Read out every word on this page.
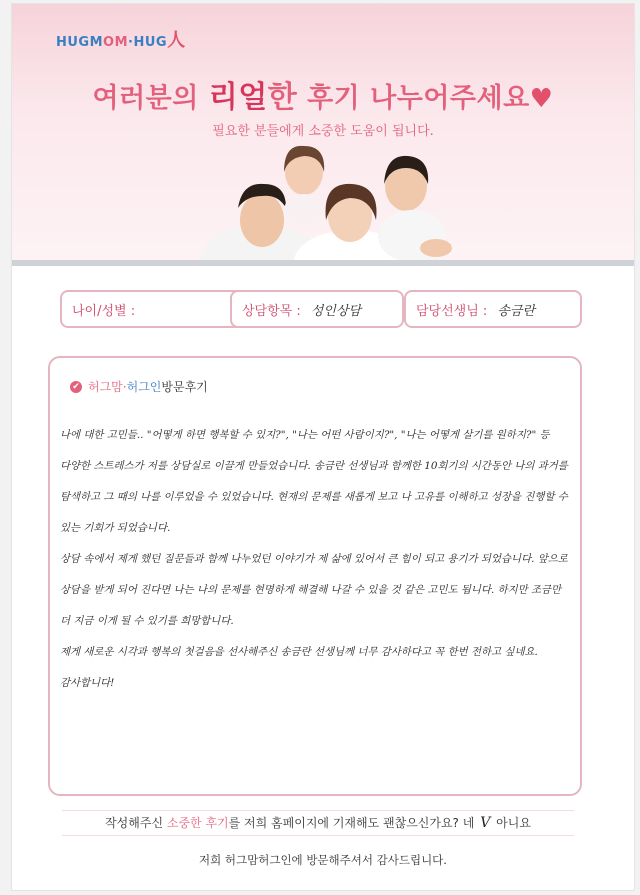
HUGMOM·HUG人
여러분의 리얼한 후기 나누어주세요♥
필요한 분들에게 소중한 도움이 됩니다.
나이/성별 :	상담항목 : 성인상담	담당선생님 : 송금란
✔ 허그맘 · 허그인 방문후기

나에 대한 고민들.. "어떻게 하면 행복할 수 있지?", "나는 어떤 사람이지?", "나는 어떻게 살기를 원하지?" 등 다양한 스트레스가 저를 상담실로 이끌게 만들었습니다. 송금란 선생님과 함께한 10회기의 시간동안 나의 과거를 탐색하고 그 때의 나를 이루었을 수 있었습니다. 현재의 문제를 새롭게 보고 나 고유를 이해하고 성장을 진행할 수 있는 기회가 되었습니다.

상담 속에서 제게 했던 질문들과 함께 나누었던 이야기가 제 삶에 있어서 큰 힘이 되고 용기가 되었습니다. 앞으로 상담을 받게 되어 진다면 나는 나의 문제를 현명하게 해결해 나갈 수 있을 것 같은 고민도 됩니다. 하지만 조금만 더 지금 이게 될 수 있기를 희망합니다.

제게 새로운 시각과 행복의 첫걸음을 선사해주신 송금란 선생님께 너무 감사하다고 꼭 한번 전하고 싶네요. 감사합니다!

작성해주신 소중한 후기를 저희 홈페이지에 기재해도 괜찮으신가요? 네 V 아니요
저희 허그맘허그인에 방문해주셔서 감사드립니다.
